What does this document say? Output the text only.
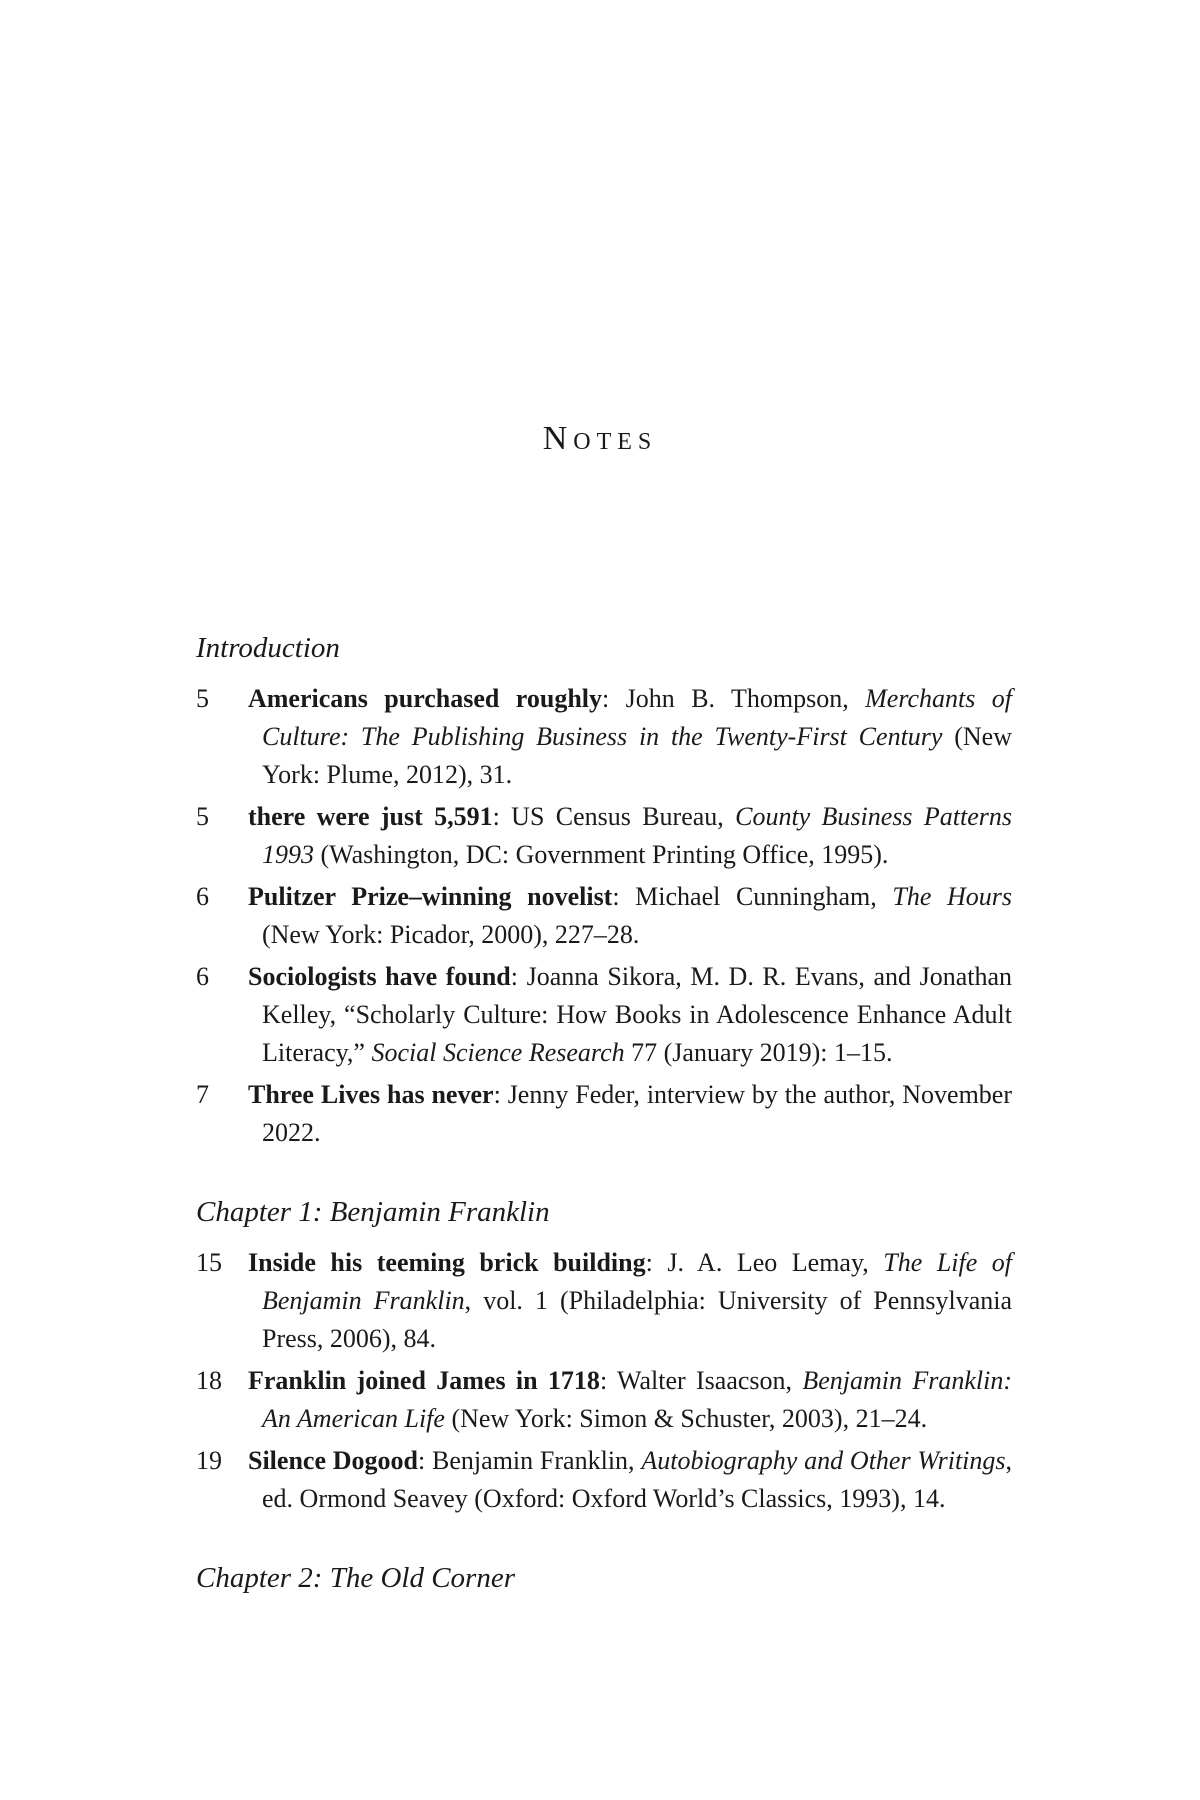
Notes
Introduction
5	Americans purchased roughly: John B. Thompson, Merchants of Culture: The Publishing Business in the Twenty-First Century (New York: Plume, 2012), 31.
5	there were just 5,591: US Census Bureau, County Business Patterns 1993 (Washington, DC: Government Printing Office, 1995).
6	Pulitzer Prize–winning novelist: Michael Cunningham, The Hours (New York: Picador, 2000), 227–28.
6	Sociologists have found: Joanna Sikora, M. D. R. Evans, and Jonathan Kelley, “Scholarly Culture: How Books in Adolescence Enhance Adult Literacy,” Social Science Research 77 (January 2019): 1–15.
7	Three Lives has never: Jenny Feder, interview by the author, November 2022.
Chapter 1: Benjamin Franklin
15	Inside his teeming brick building: J. A. Leo Lemay, The Life of Benjamin Franklin, vol. 1 (Philadelphia: University of Pennsylvania Press, 2006), 84.
18	Franklin joined James in 1718: Walter Isaacson, Benjamin Franklin: An American Life (New York: Simon & Schuster, 2003), 21–24.
19	Silence Dogood: Benjamin Franklin, Autobiography and Other Writings, ed. Ormond Seavey (Oxford: Oxford World’s Classics, 1993), 14.
Chapter 2: The Old Corner
